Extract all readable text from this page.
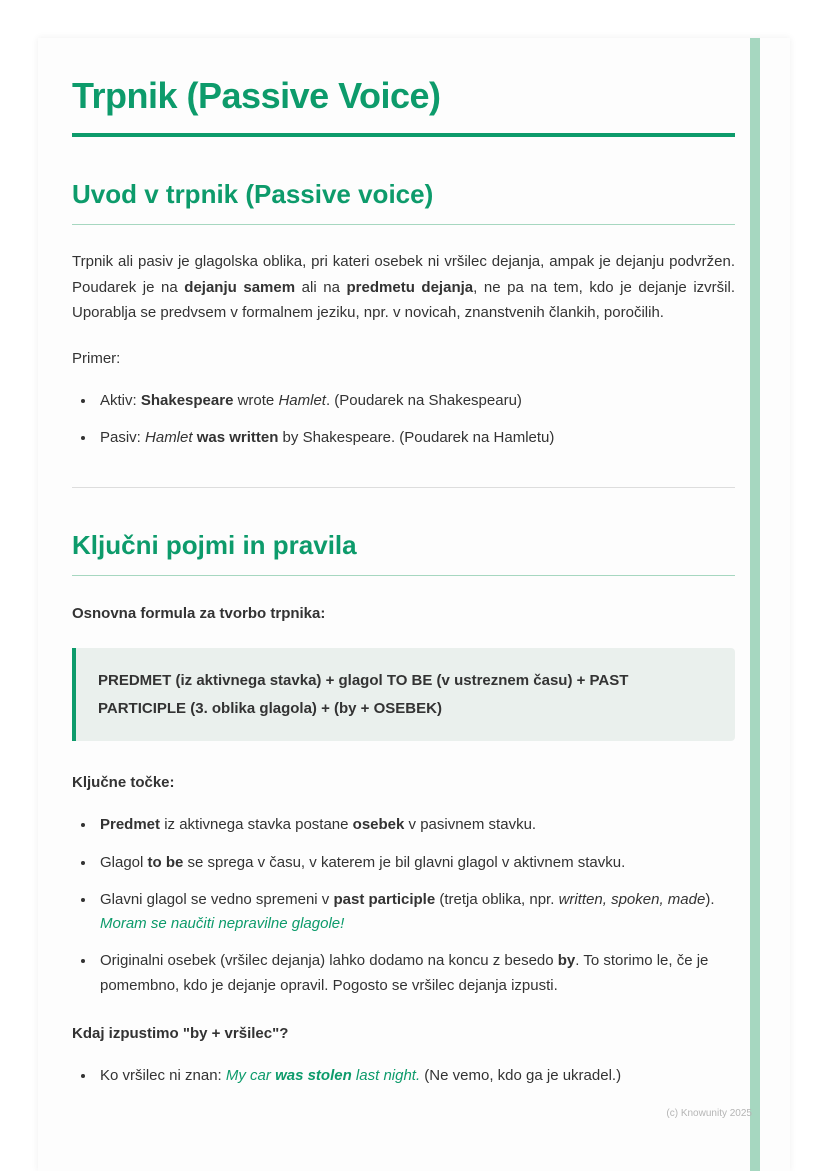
Trpnik (Passive Voice)
Uvod v trpnik (Passive voice)

Trpnik ali pasiv je glagolska oblika, pri kateri osebek ni vršilec dejanja, ampak je dejanju podvržen. Poudarek je na dejanju samem ali na predmetu dejanja, ne pa na tem, kdo je dejanje izvršil. Uporablja se predvsem v formalnem jeziku, npr. v novicah, znanstvenih člankih, poročilih.

Primer:

• Aktiv: Shakespeare wrote Hamlet. (Poudarek na Shakespearu)
• Pasiv: Hamlet was written by Shakespeare. (Poudarek na Hamletu)
Ključni pojmi in pravila

Osnovna formula za tvorbo trpnika:

PREDMET (iz aktivnega stavka) + glagol TO BE (v ustreznem času) + PAST PARTICIPLE (3. oblika glagola) + (by + OSEBEK)

Ključne točke:

• Predmet iz aktivnega stavka postane osebek v pasivnem stavku.
• Glagol to be se sprega v času, v katerem je bil glavni glagol v aktivnem stavku.
• Glavni glagol se vedno spremeni v past participle (tretja oblika, npr. written, spoken, made). Moram se naučiti nepravilne glagole!
• Originalni osebek (vršilec dejanja) lahko dodamo na koncu z besedo by. To storimo le, če je pomembno, kdo je dejanje opravil. Pogosto se vršilec dejanja izpusti.

Kdaj izpustimo "by + vršilec"?

• Ko vršilec ni znan: My car was stolen last night. (Ne vemo, kdo ga je ukradel.)
(c) Knowunity 2025
